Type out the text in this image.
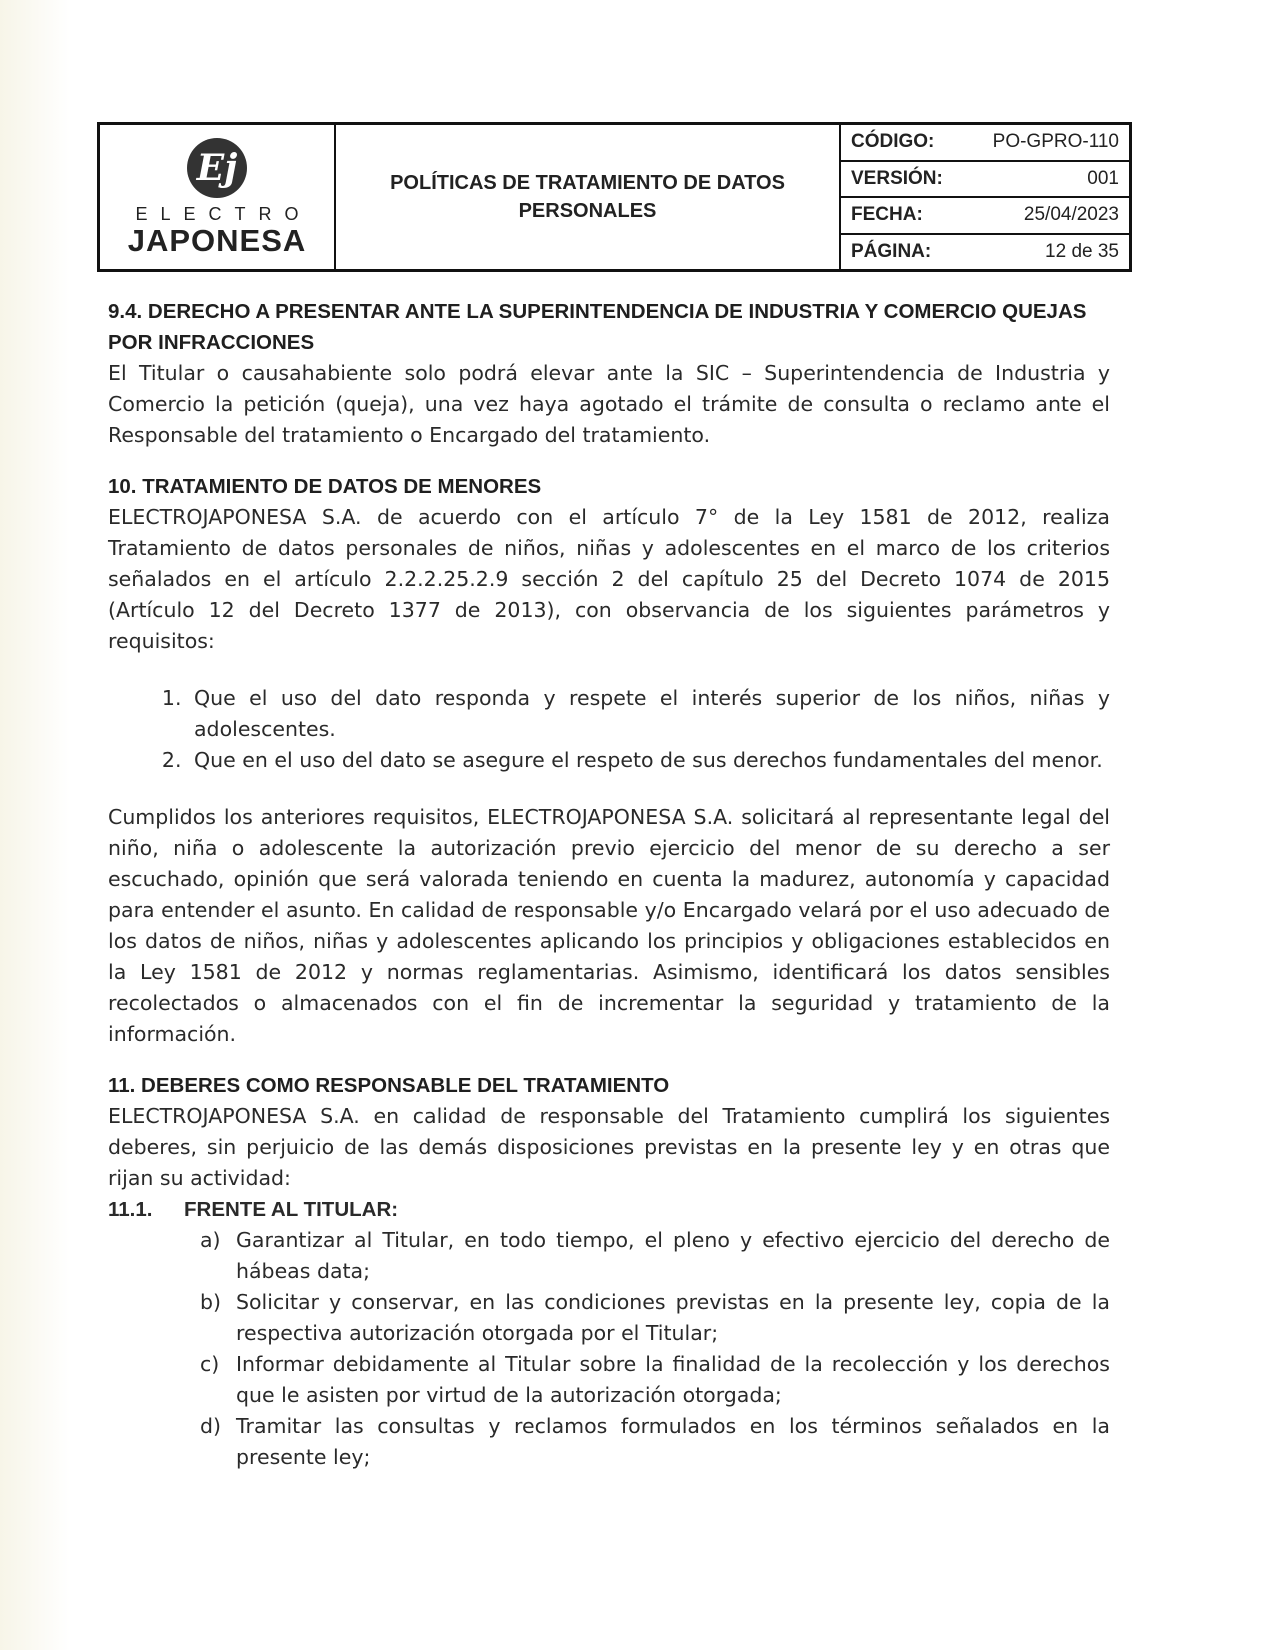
Ej
ELECTRO
JAPONESA
POLÍTICAS DE TRATAMIENTO DE DATOS PERSONALES
CÓDIGO:	PO-GPRO-110
VERSIÓN:	001
FECHA:	25/04/2023
PÁGINA:	12 de 35
9.4. DERECHO A PRESENTAR ANTE LA SUPERINTENDENCIA DE INDUSTRIA Y COMERCIO QUEJAS POR INFRACCIONES

El Titular o causahabiente solo podrá elevar ante la SIC – Superintendencia de Industria y Comercio la petición (queja), una vez haya agotado el trámite de consulta o reclamo ante el Responsable del tratamiento o Encargado del tratamiento.

10. TRATAMIENTO DE DATOS DE MENORES

ELECTROJAPONESA S.A. de acuerdo con el artículo 7° de la Ley 1581 de 2012, realiza Tratamiento de datos personales de niños, niñas y adolescentes en el marco de los criterios señalados en el artículo 2.2.2.25.2.9 sección 2 del capítulo 25 del Decreto 1074 de 2015 (Artículo 12 del Decreto 1377 de 2013), con observancia de los siguientes parámetros y requisitos:

1. Que el uso del dato responda y respete el interés superior de los niños, niñas y adolescentes.
2. Que en el uso del dato se asegure el respeto de sus derechos fundamentales del menor.

Cumplidos los anteriores requisitos, ELECTROJAPONESA S.A. solicitará al representante legal del niño, niña o adolescente la autorización previo ejercicio del menor de su derecho a ser escuchado, opinión que será valorada teniendo en cuenta la madurez, autonomía y capacidad para entender el asunto. En calidad de responsable y/o Encargado velará por el uso adecuado de los datos de niños, niñas y adolescentes aplicando los principios y obligaciones establecidos en la Ley 1581 de 2012 y normas reglamentarias. Asimismo, identificará los datos sensibles recolectados o almacenados con el fin de incrementar la seguridad y tratamiento de la información.

11. DEBERES COMO RESPONSABLE DEL TRATAMIENTO

ELECTROJAPONESA S.A. en calidad de responsable del Tratamiento cumplirá los siguientes deberes, sin perjuicio de las demás disposiciones previstas en la presente ley y en otras que rijan su actividad:

11.1.	FRENTE AL TITULAR:
a) Garantizar al Titular, en todo tiempo, el pleno y efectivo ejercicio del derecho de hábeas data;
b) Solicitar y conservar, en las condiciones previstas en la presente ley, copia de la respectiva autorización otorgada por el Titular;
c) Informar debidamente al Titular sobre la finalidad de la recolección y los derechos que le asisten por virtud de la autorización otorgada;
d) Tramitar las consultas y reclamos formulados en los términos señalados en la presente ley;
